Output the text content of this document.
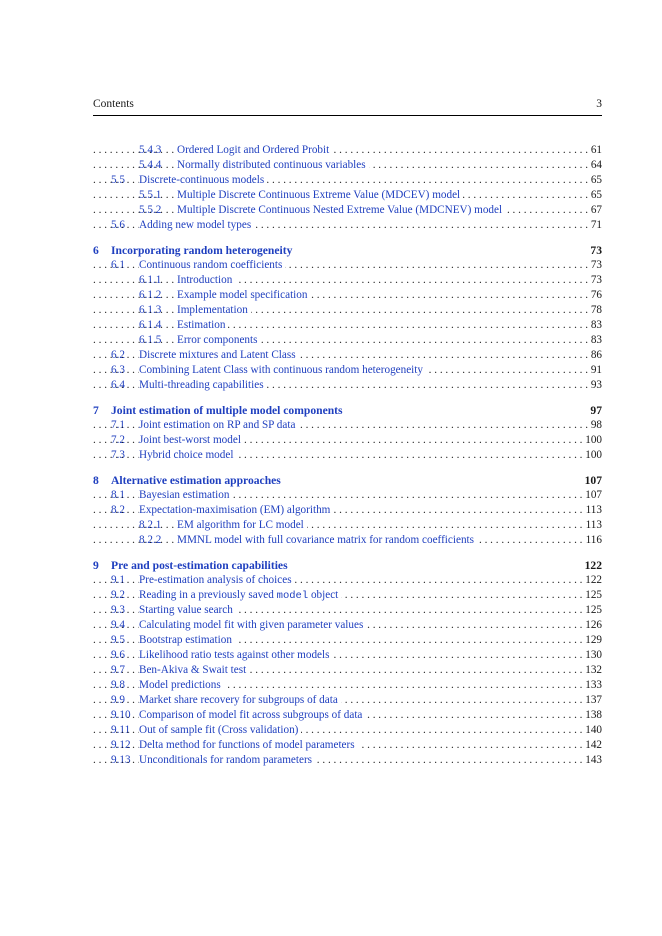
Contents	3
5.4.3 Ordered Logit and Ordered Probit . . .	61
5.4.4 Normally distributed continuous variables . . .	64
5.5 Discrete-continuous models . . .	65
5.5.1 Multiple Discrete Continuous Extreme Value (MDCEV) model . . .	65
5.5.2 Multiple Discrete Continuous Nested Extreme Value (MDCNEV) model . . .	67
5.6 Adding new model types . . .	71
6 Incorporating random heterogeneity	73
6.1 Continuous random coefficients . . .	73
6.1.1 Introduction . . .	73
6.1.2 Example model specification . . .	76
6.1.3 Implementation . . .	78
6.1.4 Estimation . . .	83
6.1.5 Error components . . .	83
6.2 Discrete mixtures and Latent Class . . .	86
6.3 Combining Latent Class with continuous random heterogeneity . . .	91
6.4 Multi-threading capabilities . . .	93
7 Joint estimation of multiple model components	97
7.1 Joint estimation on RP and SP data . . .	98
7.2 Joint best-worst model . . .	100
7.3 Hybrid choice model . . .	100
8 Alternative estimation approaches	107
8.1 Bayesian estimation . . .	107
8.2 Expectation-maximisation (EM) algorithm . . .	113
8.2.1 EM algorithm for LC model . . .	113
8.2.2 MMNL model with full covariance matrix for random coefficients . . .	116
9 Pre and post-estimation capabilities	122
9.1 Pre-estimation analysis of choices . . .	122
9.2 Reading in a previously saved model object . . .	125
9.3 Starting value search . . .	125
9.4 Calculating model fit with given parameter values . . .	126
9.5 Bootstrap estimation . . .	129
9.6 Likelihood ratio tests against other models . . .	130
9.7 Ben-Akiva & Swait test . . .	132
9.8 Model predictions . . .	133
9.9 Market share recovery for subgroups of data . . .	137
9.10 Comparison of model fit across subgroups of data . . .	138
9.11 Out of sample fit (Cross validation) . . .	140
9.12 Delta method for functions of model parameters . . .	142
9.13 Unconditionals for random parameters . . .	143
